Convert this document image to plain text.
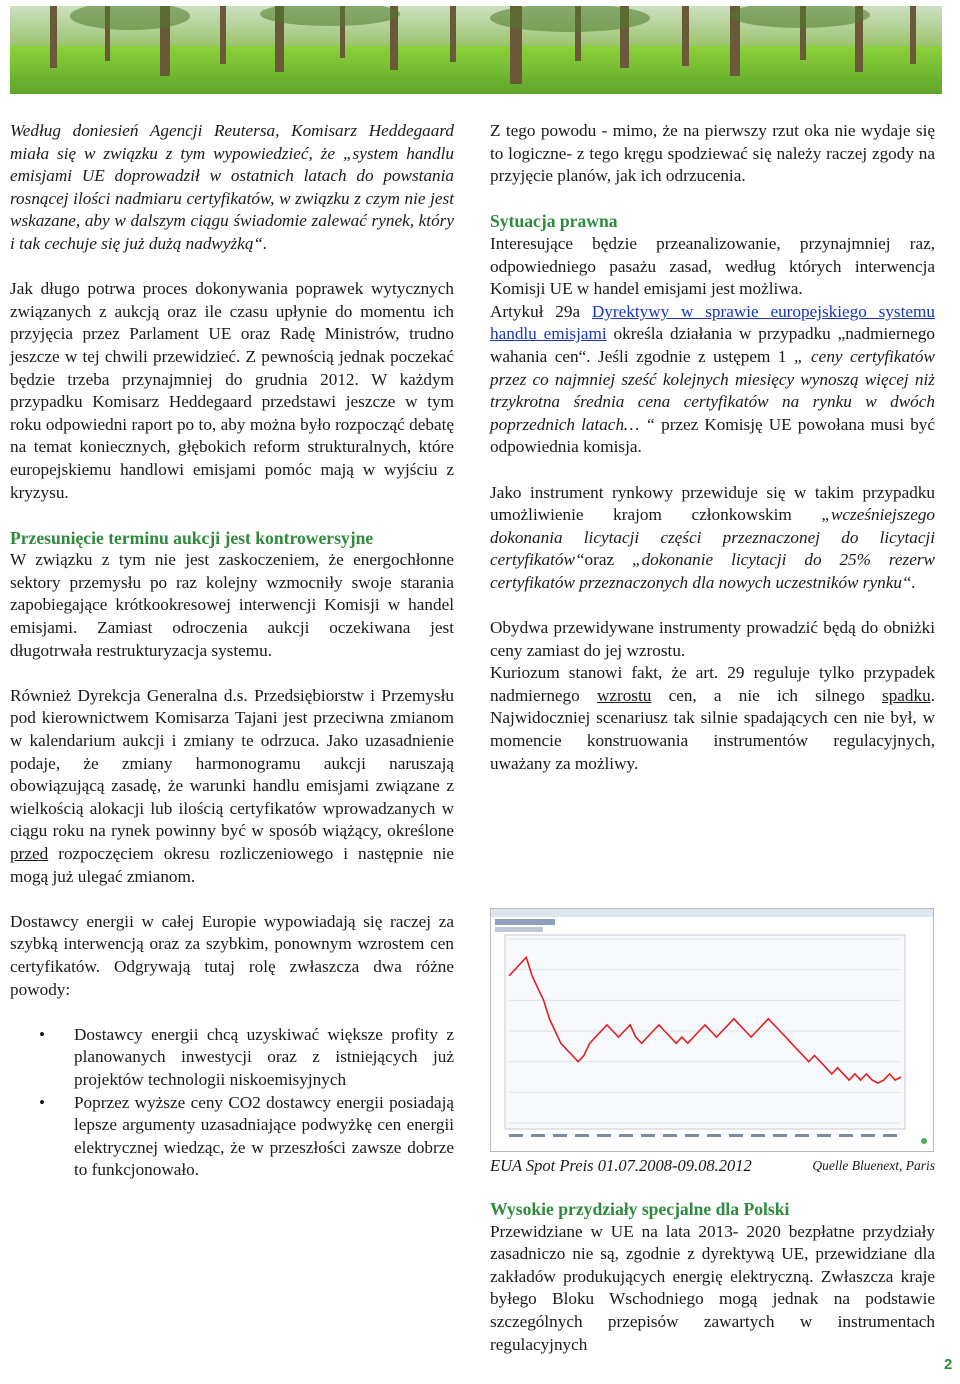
Według doniesień Agencji Reutersa, Komisarz Heddegaard miała się w związku z tym wypowiedzieć, że „system handlu emisjami UE doprowadził w ostatnich latach do powstania rosnącej ilości nadmiaru certyfikatów, w związku z czym nie jest wskazane, aby w dalszym ciągu świadomie zalewać rynek, który i tak cechuje się już dużą nadwyżką“.

Jak długo potrwa proces dokonywania poprawek wytycznych związanych z aukcją oraz ile czasu upłynie do momentu ich przyjęcia przez Parlament UE oraz Radę Ministrów, trudno jeszcze w tej chwili przewidzieć. Z pewnością jednak poczekać będzie trzeba przynajmniej do grudnia 2012. W każdym przypadku Komisarz Heddegaard przedstawi jeszcze w tym roku odpowiedni raport po to, aby można było rozpocząć debatę na temat koniecznych, głębokich reform strukturalnych, które europejskiemu handlowi emisjami pomóc mają w wyjściu z kryzysu.

Przesunięcie terminu aukcji jest kontrowersyjne

W związku z tym nie jest zaskoczeniem, że energochłonne sektory przemysłu po raz kolejny wzmocniły swoje starania zapobiegające krótkookresowej interwencji Komisji w handel emisjami. Zamiast odroczenia aukcji oczekiwana jest długotrwała restrukturyzacja systemu.

Również Dyrekcja Generalna d.s. Przedsiębiorstw i Przemysłu pod kierownictwem Komisarza Tajani jest przeciwna zmianom w kalendarium aukcji i zmiany te odrzuca. Jako uzasadnienie podaje, że zmiany harmonogramu aukcji naruszają obowiązującą zasadę, że warunki handlu emisjami związane z wielkością alokacji lub ilością certyfikatów wprowadzanych w ciągu roku na rynek powinny być w sposób wiążący, określone przed rozpoczęciem okresu rozliczeniowego i następnie nie mogą już ulegać zmianom.

Dostawcy energii w całej Europie wypowiadają się raczej za szybką interwencją oraz za szybkim, ponownym wzrostem cen certyfikatów. Odgrywają tutaj rolę zwłaszcza dwa różne powody:

• Dostawcy energii chcą uzyskiwać większe profity z planowanych inwestycji oraz z istniejących już projektów technologii niskoemisyjnych
• Poprzez wyższe ceny CO2 dostawcy energii posiadają lepsze argumenty uzasadniające podwyżkę cen energii elektrycznej wiedząc, że w przeszłości zawsze dobrze to funkcjonowało.

Z tego powodu - mimo, że na pierwszy rzut oka nie wydaje się to logiczne- z tego kręgu spodziewać się należy raczej zgody na przyjęcie planów, jak ich odrzucenia.

Sytuacja prawna

Interesujące będzie przeanalizowanie, przynajmniej raz, odpowiedniego pasażu zasad, według których interwencja Komisji UE w handel emisjami jest możliwa.

Artykuł 29a Dyrektywy w sprawie europejskiego systemu handlu emisjami określa działania w przypadku „nadmiernego wahania cen“. Jeśli zgodnie z ustępem 1 „ ceny certyfikatów przez co najmniej sześć kolejnych miesięcy wynoszą więcej niż trzykrotna średnia cena certyfikatów na rynku w dwóch poprzednich latach… “ przez Komisję UE powołana musi być odpowiednia komisja.

Jako instrument rynkowy przewiduje się w takim przypadku umożliwienie krajom członkowskim „wcześniejszego dokonania licytacji części przeznaczonej do licytacji certyfikatów“oraz „dokonanie licytacji do 25% rezerw certyfikatów przeznaczonych dla nowych uczestników rynku“.

Obydwa przewidywane instrumenty prowadzić będą do obniżki ceny zamiast do jej wzrostu.

Kuriozum stanowi fakt, że art. 29 reguluje tylko przypadek nadmiernego wzrostu cen, a nie ich silnego spadku. Najwidoczniej scenariusz tak silnie spadających cen nie był, w momencie konstruowania instrumentów regulacyjnych, uważany za możliwy.

EUA Spot Preis 01.07.2008-09.08.2012	Quelle Bluenext, Paris
Wysokie przydziały specjalne dla Polski
Przewidziane w UE na lata 2013- 2020 bezpłatne przydziały zasadniczo nie są, zgodnie z dyrektywą UE, przewidziane dla zakładów produkujących energię elektryczną. Zwłaszcza kraje byłego Bloku Wschodniego mogą jednak na podstawie szczególnych przepisów zawartych w instrumentach regulacyjnych
2
